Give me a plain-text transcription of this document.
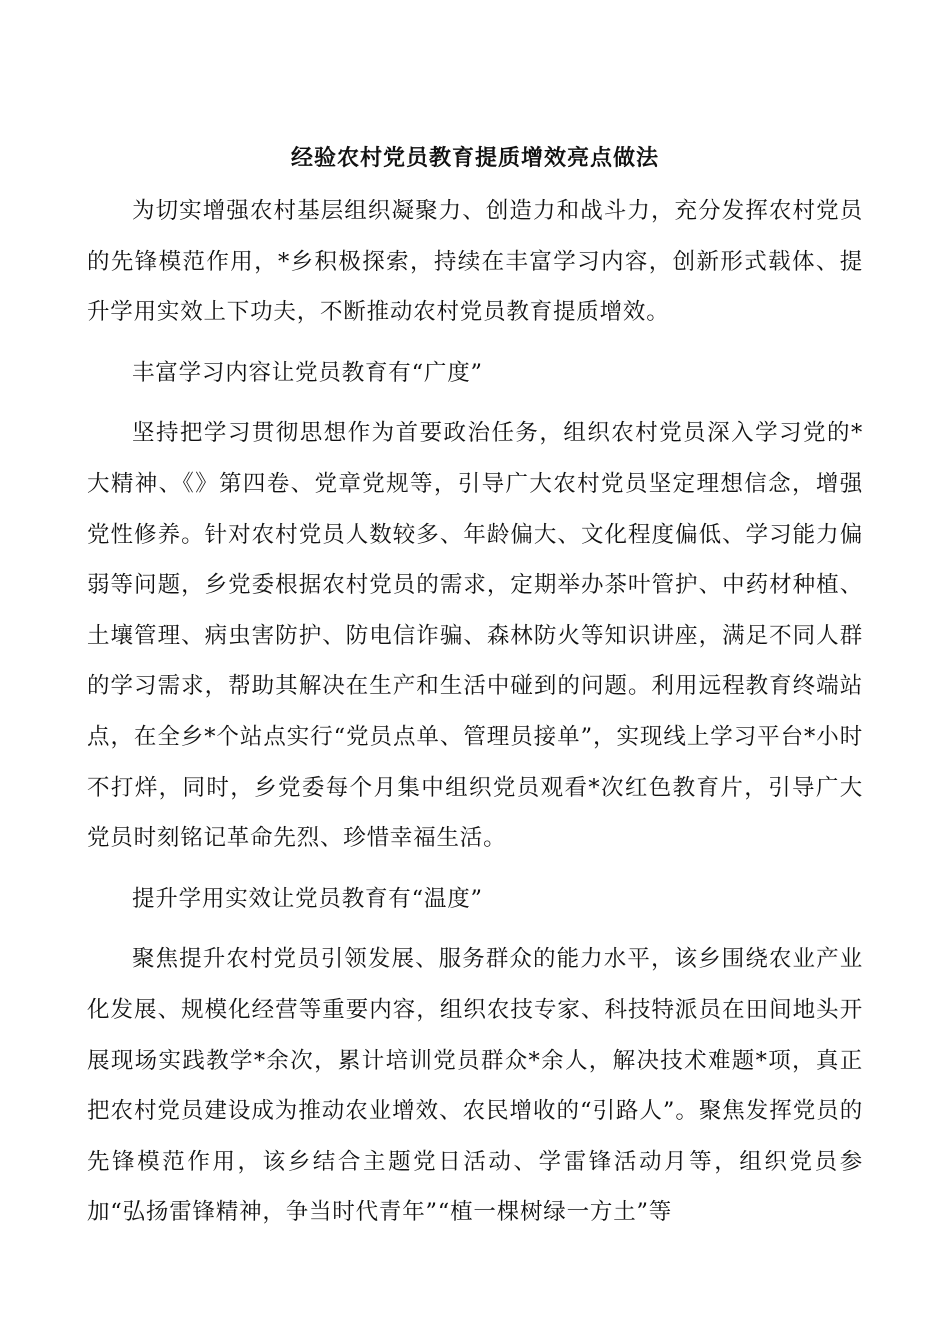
经验农村党员教育提质增效亮点做法

为切实增强农村基层组织凝聚力、创造力和战斗力，充分发挥农村党员的先锋模范作用，*乡积极探索，持续在丰富学习内容，创新形式载体、提升学用实效上下功夫，不断推动农村党员教育提质增效。

丰富学习内容让党员教育有“广度”

坚持把学习贯彻思想作为首要政治任务，组织农村党员深入学习党的*大精神、《》第四卷、党章党规等，引导广大农村党员坚定理想信念，增强党性修养。针对农村党员人数较多、年龄偏大、文化程度偏低、学习能力偏弱等问题，乡党委根据农村党员的需求，定期举办茶叶管护、中药材种植、土壤管理、病虫害防护、防电信诈骗、森林防火等知识讲座，满足不同人群的学习需求，帮助其解决在生产和生活中碰到的问题。利用远程教育终端站点，在全乡*个站点实行“党员点单、管理员接单”，实现线上学习平台*小时不打烊，同时，乡党委每个月集中组织党员观看*次红色教育片，引导广大党员时刻铭记革命先烈、珍惜幸福生活。

提升学用实效让党员教育有“温度”

聚焦提升农村党员引领发展、服务群众的能力水平，该乡围绕农业产业化发展、规模化经营等重要内容，组织农技专家、科技特派员在田间地头开展现场实践教学*余次，累计培训党员群众*余人，解决技术难题*项，真正把农村党员建设成为推动农业增效、农民增收的“引路人”。聚焦发挥党员的先锋模范作用，该乡结合主题党日活动、学雷锋活动月等，组织党员参加“弘扬雷锋精神，争当时代青年”“植一棵树绿一方土”等
